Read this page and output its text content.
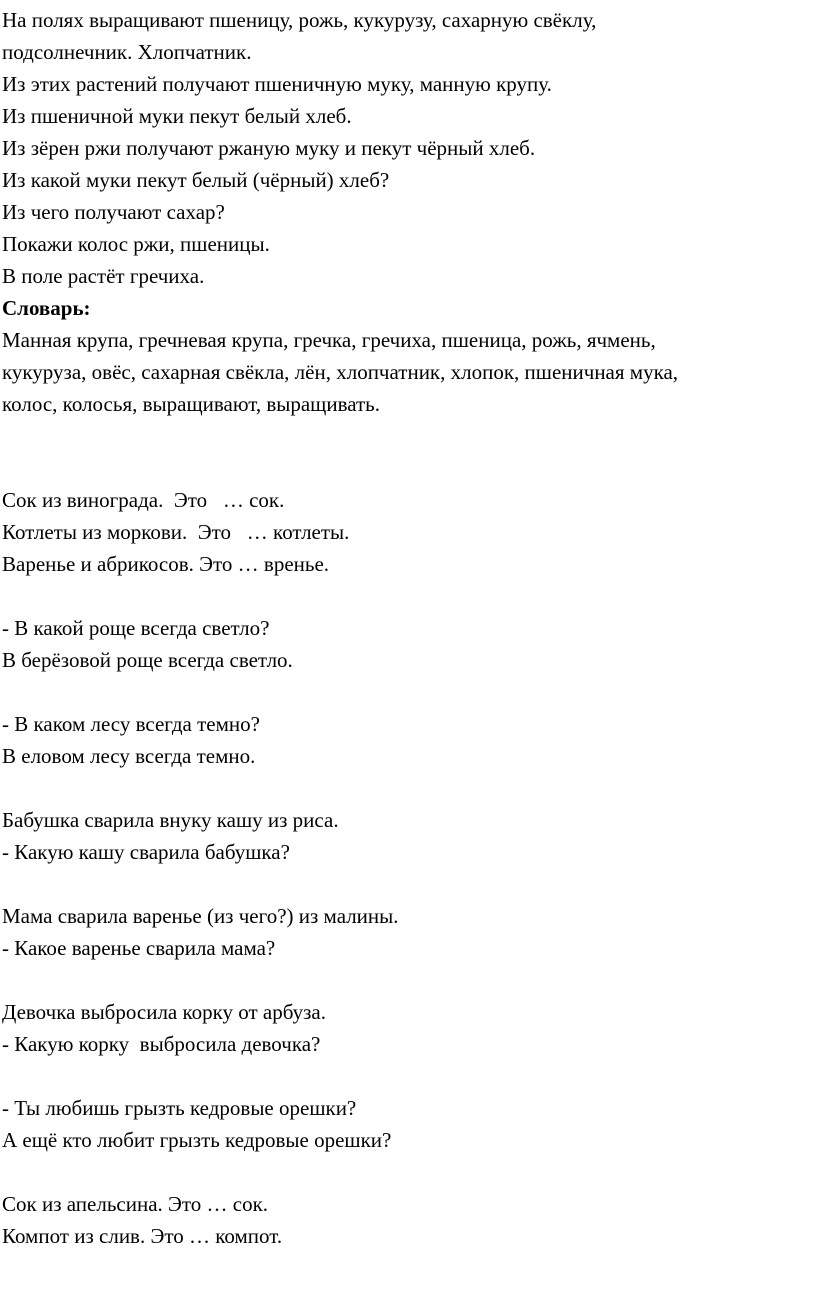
На полях выращивают пшеницу, рожь, кукурузу, сахарную свёклу,
подсолнечник. Хлопчатник.
Из этих растений получают пшеничную муку, манную крупу.
Из пшеничной муки пекут белый хлеб.
Из зёрен ржи получают ржаную муку и пекут чёрный хлеб.
Из какой муки пекут белый (чёрный) хлеб?
Из чего получают сахар?
Покажи колос ржи, пшеницы.
В поле растёт гречиха.
Словарь:
Манная крупа, гречневая крупа, гречка, гречиха, пшеница, рожь, ячмень,
кукуруза, овёс, сахарная свёкла, лён, хлопчатник, хлопок, пшеничная мука,
колос, колосья, выращивают, выращивать.
Сок из винограда.  Это   … сок.
Котлеты из моркови.  Это   … котлеты.
Варенье и абрикосов. Это … вренье.
- В какой роще всегда светло?
В берёзовой роще всегда светло.
- В каком лесу всегда темно?
В еловом лесу всегда темно.
Бабушка сварила внуку кашу из риса.
- Какую кашу сварила бабушка?
Мама сварила варенье (из чего?) из малины.
- Какое варенье сварила мама?
Девочка выбросила корку от арбуза.
- Какую корку  выбросила девочка?
- Ты любишь грызть кедровые орешки?
А ещё кто любит грызть кедровые орешки?
Сок из апельсина. Это … сок.
Компот из слив. Это … компот.
